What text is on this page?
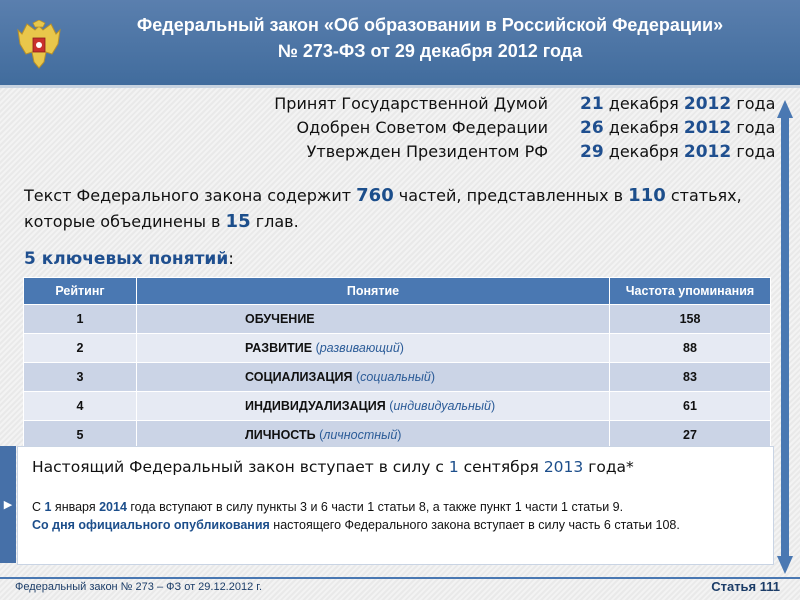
Федеральный закон «Об образовании в Российской Федерации»
№ 273-ФЗ от 29 декабря 2012 года
Принят Государственной Думой 21 декабря 2012 года
Одобрен Советом Федерации 26 декабря 2012 года
Утвержден Президентом РФ 29 декабря 2012 года
Текст Федерального закона содержит 760 частей, представленных в 110 статьях,
которые объединены в 15 глав.
5 ключевых понятий:
Рейтинг	Понятие	Частота упоминания
1	ОБУЧЕНИЕ	158
2	РАЗВИТИЕ (развивающий)	88
3	СОЦИАЛИЗАЦИЯ (социальный)	83
4	ИНДИВИДУАЛИЗАЦИЯ (индивидуальный)	61
5	ЛИЧНОСТЬ (личностный)	27
▶
Настоящий Федеральный закон вступает в силу с 1 сентября 2013 года*
С 1 января 2014 года вступают в силу пункты 3 и 6 части 1 статьи 8, а также пункт 1 части 1 статьи 9.
Со дня официального опубликования настоящего Федерального закона вступает в силу часть 6 статьи 108.
Федеральный закон № 273 – ФЗ от 29.12.2012 г.	Статья 111
